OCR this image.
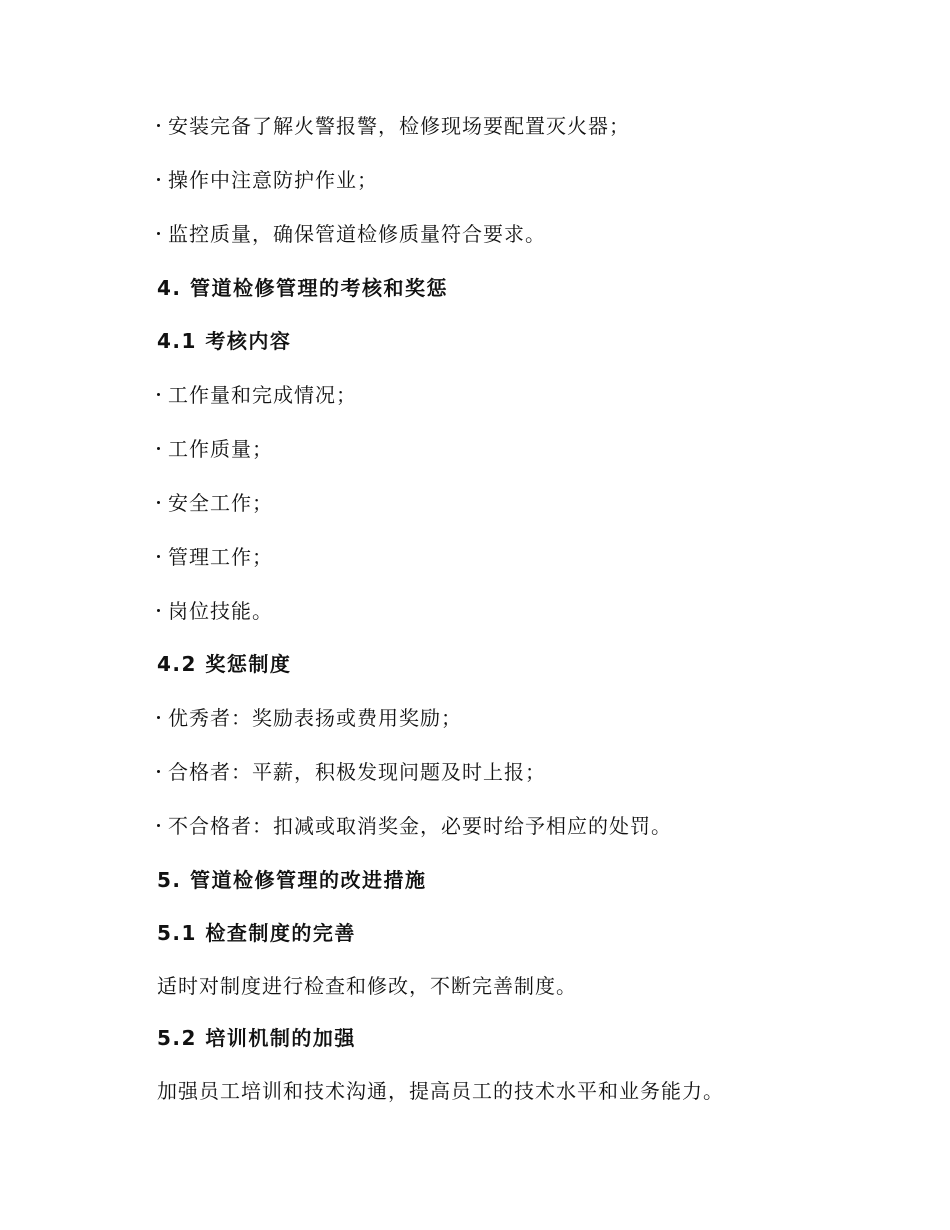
安装完备了解火警报警，检修现场要配置灭火器；
操作中注意防护作业；
监控质量，确保管道检修质量符合要求。
4. 管道检修管理的考核和奖惩
4.1 考核内容
工作量和完成情况；
工作质量；
安全工作；
管理工作；
岗位技能。
4.2 奖惩制度
优秀者：奖励表扬或费用奖励；
合格者：平薪，积极发现问题及时上报；
不合格者：扣减或取消奖金，必要时给予相应的处罚。
5. 管道检修管理的改进措施
5.1 检查制度的完善
适时对制度进行检查和修改，不断完善制度。
5.2 培训机制的加强
加强员工培训和技术沟通，提高员工的技术水平和业务能力。
